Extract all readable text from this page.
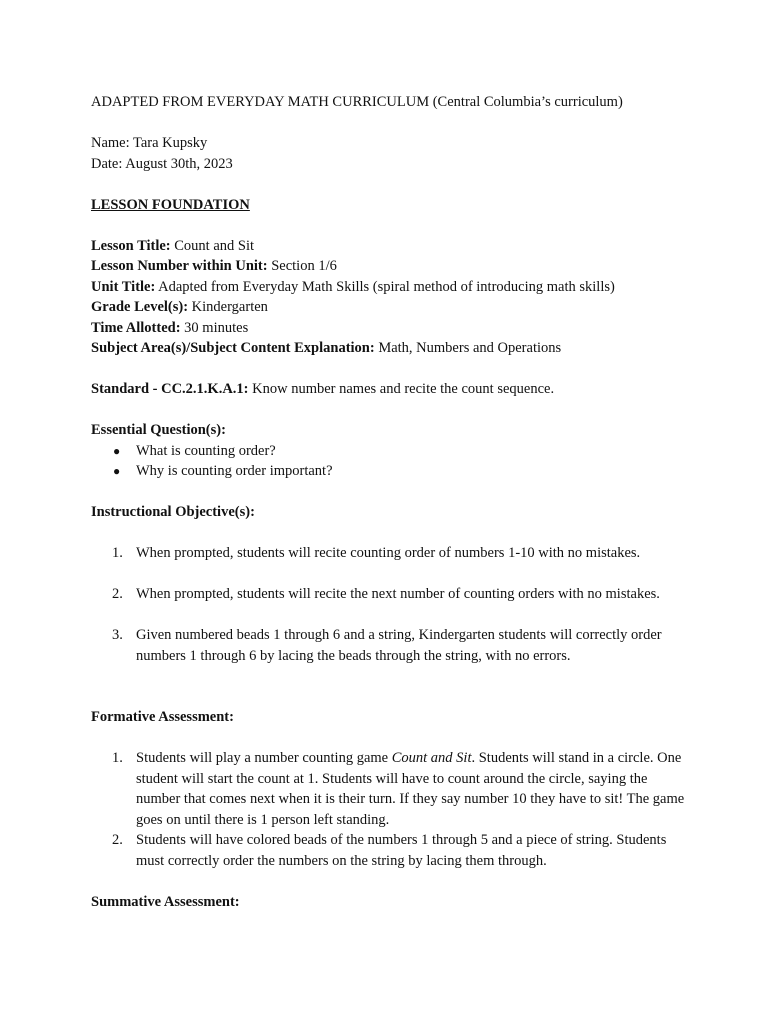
ADAPTED FROM EVERYDAY MATH CURRICULUM (Central Columbia’s curriculum)
Name: Tara Kupsky
Date: August 30th, 2023
LESSON FOUNDATION
Lesson Title: Count and Sit
Lesson Number within Unit: Section 1/6
Unit Title: Adapted from Everyday Math Skills (spiral method of introducing math skills)
Grade Level(s): Kindergarten
Time Allotted: 30 minutes
Subject Area(s)/Subject Content Explanation: Math, Numbers and Operations
Standard - CC.2.1.K.A.1: Know number names and recite the count sequence.
Essential Question(s):
● What is counting order?
● Why is counting order important?
Instructional Objective(s):
1. When prompted, students will recite counting order of numbers 1-10 with no mistakes.
2. When prompted, students will recite the next number of counting orders with no mistakes.
3. Given numbered beads 1 through 6 and a string, Kindergarten students will correctly order numbers 1 through 6 by lacing the beads through the string, with no errors.
Formative Assessment:
1. Students will play a number counting game Count and Sit. Students will stand in a circle. One student will start the count at 1. Students will have to count around the circle, saying the number that comes next when it is their turn. If they say number 10 they have to sit! The game goes on until there is 1 person left standing.
2. Students will have colored beads of the numbers 1 through 5 and a piece of string. Students must correctly order the numbers on the string by lacing them through.
Summative Assessment:
